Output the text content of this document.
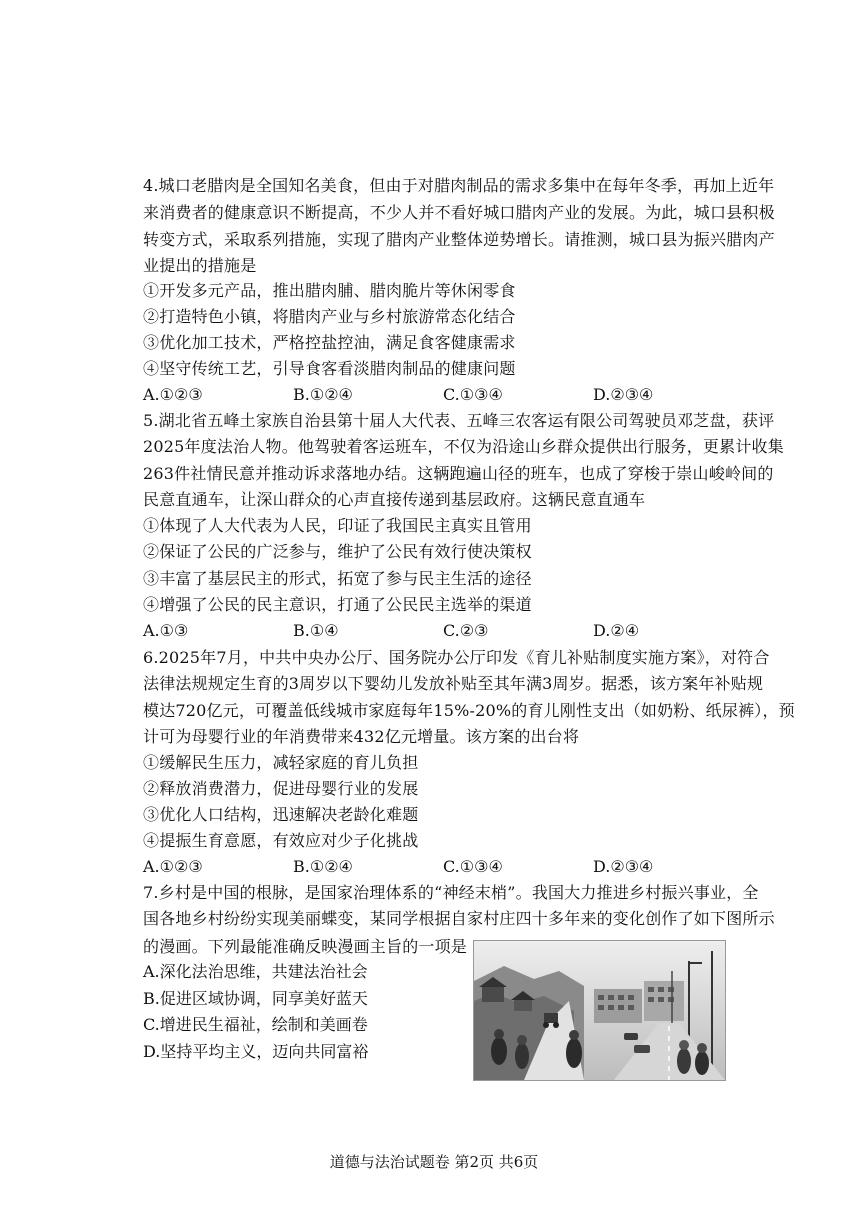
4.城口老腊肉是全国知名美食，但由于对腊肉制品的需求多集中在每年冬季，再加上近年
来消费者的健康意识不断提高，不少人并不看好城口腊肉产业的发展。为此，城口县积极
转变方式，采取系列措施，实现了腊肉产业整体逆势增长。请推测，城口县为振兴腊肉产
业提出的措施是
①开发多元产品，推出腊肉脯、腊肉脆片等休闲零食
②打造特色小镇，将腊肉产业与乡村旅游常态化结合
③优化加工技术，严格控盐控油，满足食客健康需求
④坚守传统工艺，引导食客看淡腊肉制品的健康问题
A.①②③	B.①②④	C.①③④	D.②③④
5.湖北省五峰土家族自治县第十届人大代表、五峰三农客运有限公司驾驶员邓芝盘，获评
2025年度法治人物。他驾驶着客运班车，不仅为沿途山乡群众提供出行服务，更累计收集
263件社情民意并推动诉求落地办结。这辆跑遍山径的班车，也成了穿梭于崇山峻岭间的
民意直通车，让深山群众的心声直接传递到基层政府。这辆民意直通车
①体现了人大代表为人民，印证了我国民主真实且管用
②保证了公民的广泛参与，维护了公民有效行使决策权
③丰富了基层民主的形式，拓宽了参与民主生活的途径
④增强了公民的民主意识，打通了公民民主选举的渠道
A.①③	B.①④	C.②③	D.②④
6.2025年7月，中共中央办公厅、国务院办公厅印发《育儿补贴制度实施方案》，对符合
法律法规规定生育的3周岁以下婴幼儿发放补贴至其年满3周岁。据悉，该方案年补贴规
模达720亿元，可覆盖低线城市家庭每年15%-20%的育儿刚性支出（如奶粉、纸尿裤），预
计可为母婴行业的年消费带来432亿元增量。该方案的出台将
①缓解民生压力，减轻家庭的育儿负担
②释放消费潜力，促进母婴行业的发展
③优化人口结构，迅速解决老龄化难题
④提振生育意愿，有效应对少子化挑战
A.①②③	B.①②④	C.①③④	D.②③④
7.乡村是中国的根脉，是国家治理体系的“神经末梢”。我国大力推进乡村振兴事业，全
国各地乡村纷纷实现美丽蝶变，某同学根据自家村庄四十多年来的变化创作了如下图所示
的漫画。下列最能准确反映漫画主旨的一项是
A.深化法治思维，共建法治社会
B.促进区域协调，同享美好蓝天
C.增进民生福祉，绘制和美画卷
D.坚持平均主义，迈向共同富裕
道德与法治试题卷 第2页 共6页
